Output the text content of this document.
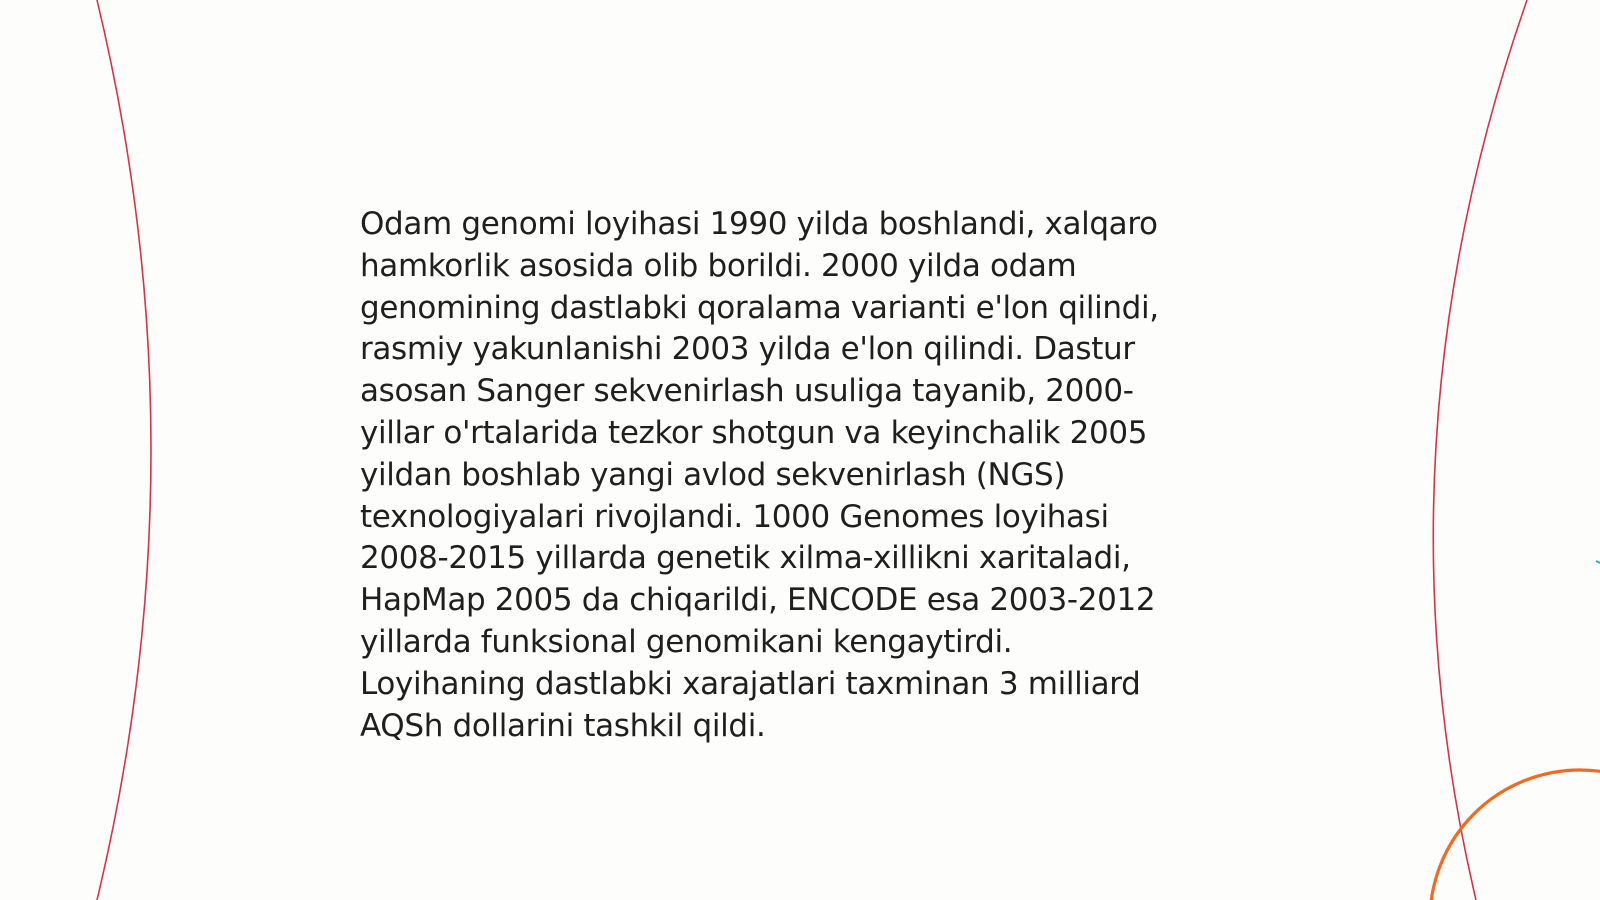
Odam genomi loyihasi 1990 yilda boshlandi, xalqaro
hamkorlik asosida olib borildi. 2000 yilda odam
genomining dastlabki qoralama varianti e'lon qilindi,
rasmiy yakunlanishi 2003 yilda e'lon qilindi. Dastur
asosan Sanger sekvenirlash usuliga tayanib, 2000-
yillar o'rtalarida tezkor shotgun va keyinchalik 2005
yildan boshlab yangi avlod sekvenirlash (NGS)
texnologiyalari rivojlandi. 1000 Genomes loyihasi
2008-2015 yillarda genetik xilma-xillikni xaritaladi,
HapMap 2005 da chiqarildi, ENCODE esa 2003-2012
yillarda funksional genomikani kengaytirdi.
Loyihaning dastlabki xarajatlari taxminan 3 milliard
AQSh dollarini tashkil qildi.
